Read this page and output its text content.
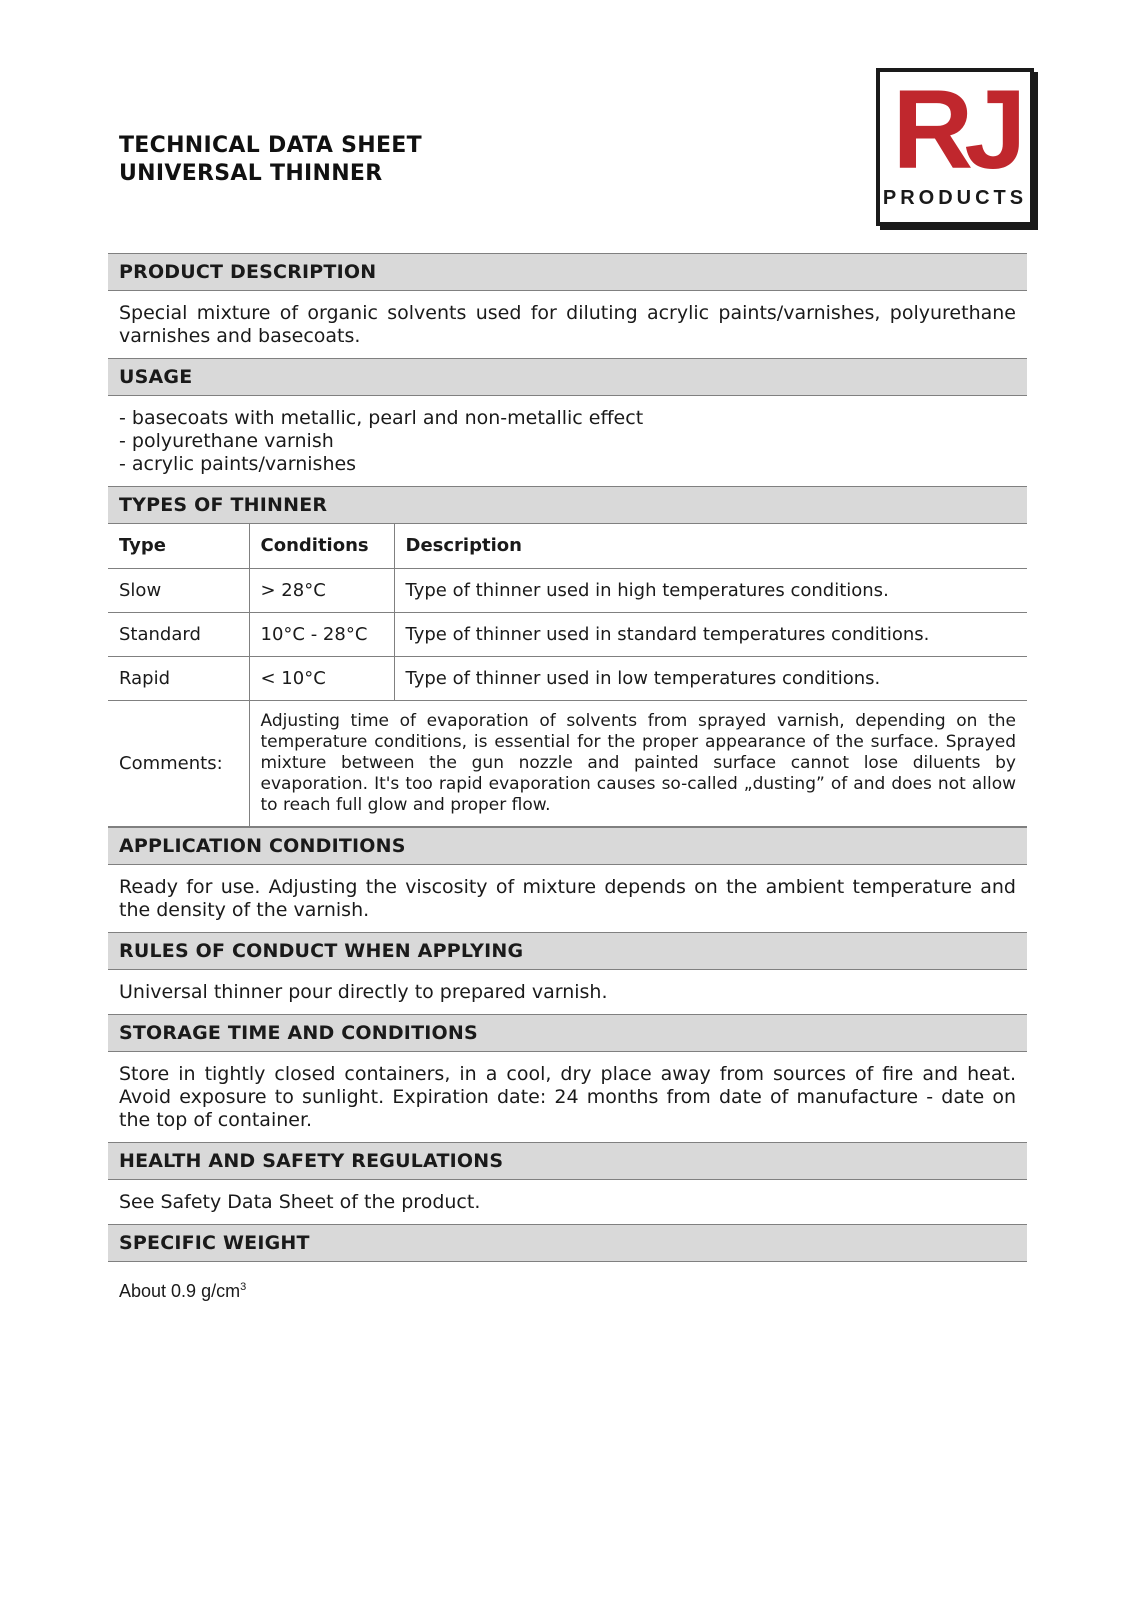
TECHNICAL DATA SHEET
UNIVERSAL THINNER	RJ
PRODUCTS
PRODUCT DESCRIPTION
Special mixture of organic solvents used for diluting acrylic paints/varnishes, polyurethane varnishes and basecoats.
USAGE
- basecoats with metallic, pearl and non-metallic effect
- polyurethane varnish
- acrylic paints/varnishes
TYPES OF THINNER
Type	Conditions	Description
Slow	> 28°C	Type of thinner used in high temperatures conditions.
Standard	10°C - 28°C	Type of thinner used in standard temperatures conditions.
Rapid	< 10°C	Type of thinner used in low temperatures conditions.
Comments:	Adjusting time of evaporation of solvents from sprayed varnish, depending on the temperature conditions, is essential for the proper appearance of the surface. Sprayed mixture between the gun nozzle and painted surface cannot lose diluents by evaporation. It's too rapid evaporation causes so-called „dusting” of and does not allow to reach full glow and proper flow.	
APPLICATION CONDITIONS
Ready for use. Adjusting the viscosity of mixture depends on the ambient temperature and the density of the varnish.
RULES OF CONDUCT WHEN APPLYING
Universal thinner pour directly to prepared varnish.
STORAGE TIME AND CONDITIONS
Store in tightly closed containers, in a cool, dry place away from sources of fire and heat. Avoid exposure to sunlight. Expiration date: 24 months from date of manufacture - date on the top of container.
HEALTH AND SAFETY REGULATIONS
See Safety Data Sheet of the product.
SPECIFIC WEIGHT
About 0.9 $g/cm^3$
